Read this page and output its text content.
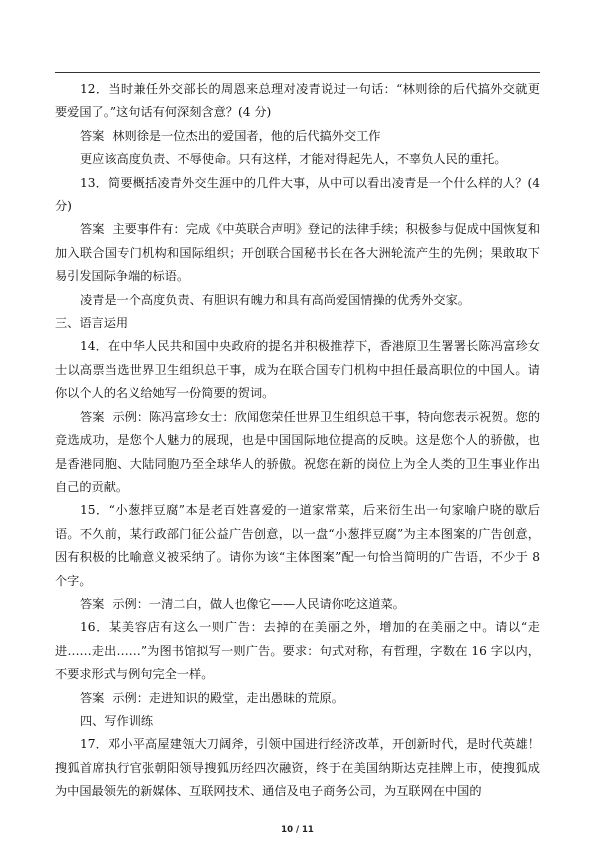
12．当时兼任外交部长的周恩来总理对凌青说过一句话：“林则徐的后代搞外交就更要爱国了。”这句话有何深刻含意？(4 分)

答案 林则徐是一位杰出的爱国者，他的后代搞外交工作

更应该高度负责、不辱使命。只有这样，才能对得起先人，不辜负人民的重托。

13．简要概括凌青外交生涯中的几件大事，从中可以看出凌青是一个什么样的人？(4 分)

答案 主要事件有：完成《中英联合声明》登记的法律手续；积极参与促成中国恢复和加入联合国专门机构和国际组织；开创联合国秘书长在各大洲轮流产生的先例；果敢取下易引发国际争端的标语。

凌青是一个高度负责、有胆识有魄力和具有高尚爱国情操的优秀外交家。

三、语言运用

14．在中华人民共和国中央政府的提名并积极推荐下，香港原卫生署署长陈冯富珍女士以高票当选世界卫生组织总干事，成为在联合国专门机构中担任最高职位的中国人。请你以个人的名义给她写一份简要的贺词。

答案 示例：陈冯富珍女士：欣闻您荣任世界卫生组织总干事，特向您表示祝贺。您的竞选成功，是您个人魅力的展现，也是中国国际地位提高的反映。这是您个人的骄傲，也是香港同胞、大陆同胞乃至全球华人的骄傲。祝您在新的岗位上为全人类的卫生事业作出自己的贡献。

15．“小葱拌豆腐”本是老百姓喜爱的一道家常菜，后来衍生出一句家喻户晓的歇后语。不久前，某行政部门征公益广告创意，以一盘“小葱拌豆腐”为主本图案的广告创意，因有积极的比喻意义被采纳了。请你为该“主体图案”配一句恰当简明的广告语，不少于 8 个字。

答案 示例：一清二白，做人也像它——人民请你吃这道菜。

16．某美容店有这么一则广告：去掉的在美丽之外，增加的在美丽之中。请以“走进……走出……”为图书馆拟写一则广告。要求：句式对称，有哲理，字数在 16 字以内，不要求形式与例句完全一样。

答案 示例：走进知识的殿堂，走出愚昧的荒原。

四、写作训练

17．邓小平高屋建瓴大刀阔斧，引领中国进行经济改革，开创新时代，是时代英雄！搜狐首席执行官张朝阳领导搜狐历经四次融资，终于在美国纳斯达克挂牌上市，使搜狐成为中国最领先的新媒体、互联网技术、通信及电子商务公司，为互联网在中国的

10 / 11
